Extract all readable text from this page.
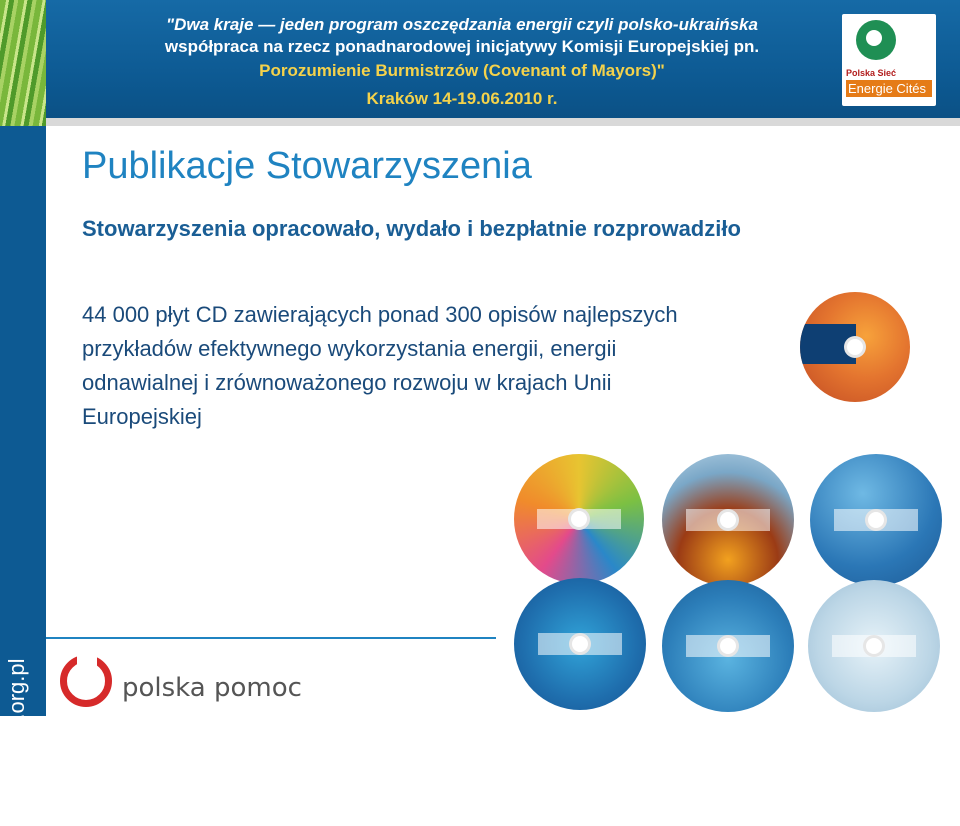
"Dwa kraje — jeden program oszczędzania energii czyli polsko-ukraińska
współpraca na rzecz ponadnarodowej inicjatywy Komisji Europejskiej pn.
Porozumienie Burmistrzów (Covenant of Mayors)"
Kraków 14-19.06.2010 r.
Polska Sieć
Energie Cités
www. pnec.org.pl
Publikacje Stowarzyszenia
Stowarzyszenia opracowało, wydało i bezpłatnie rozprowadziło
44 000 płyt CD zawierających ponad 300 opisów najlepszych przykładów efektywnego wykorzystania energii, energii odnawialnej i zrównoważonego rozwoju w krajach Unii Europejskiej
polska pomoc
